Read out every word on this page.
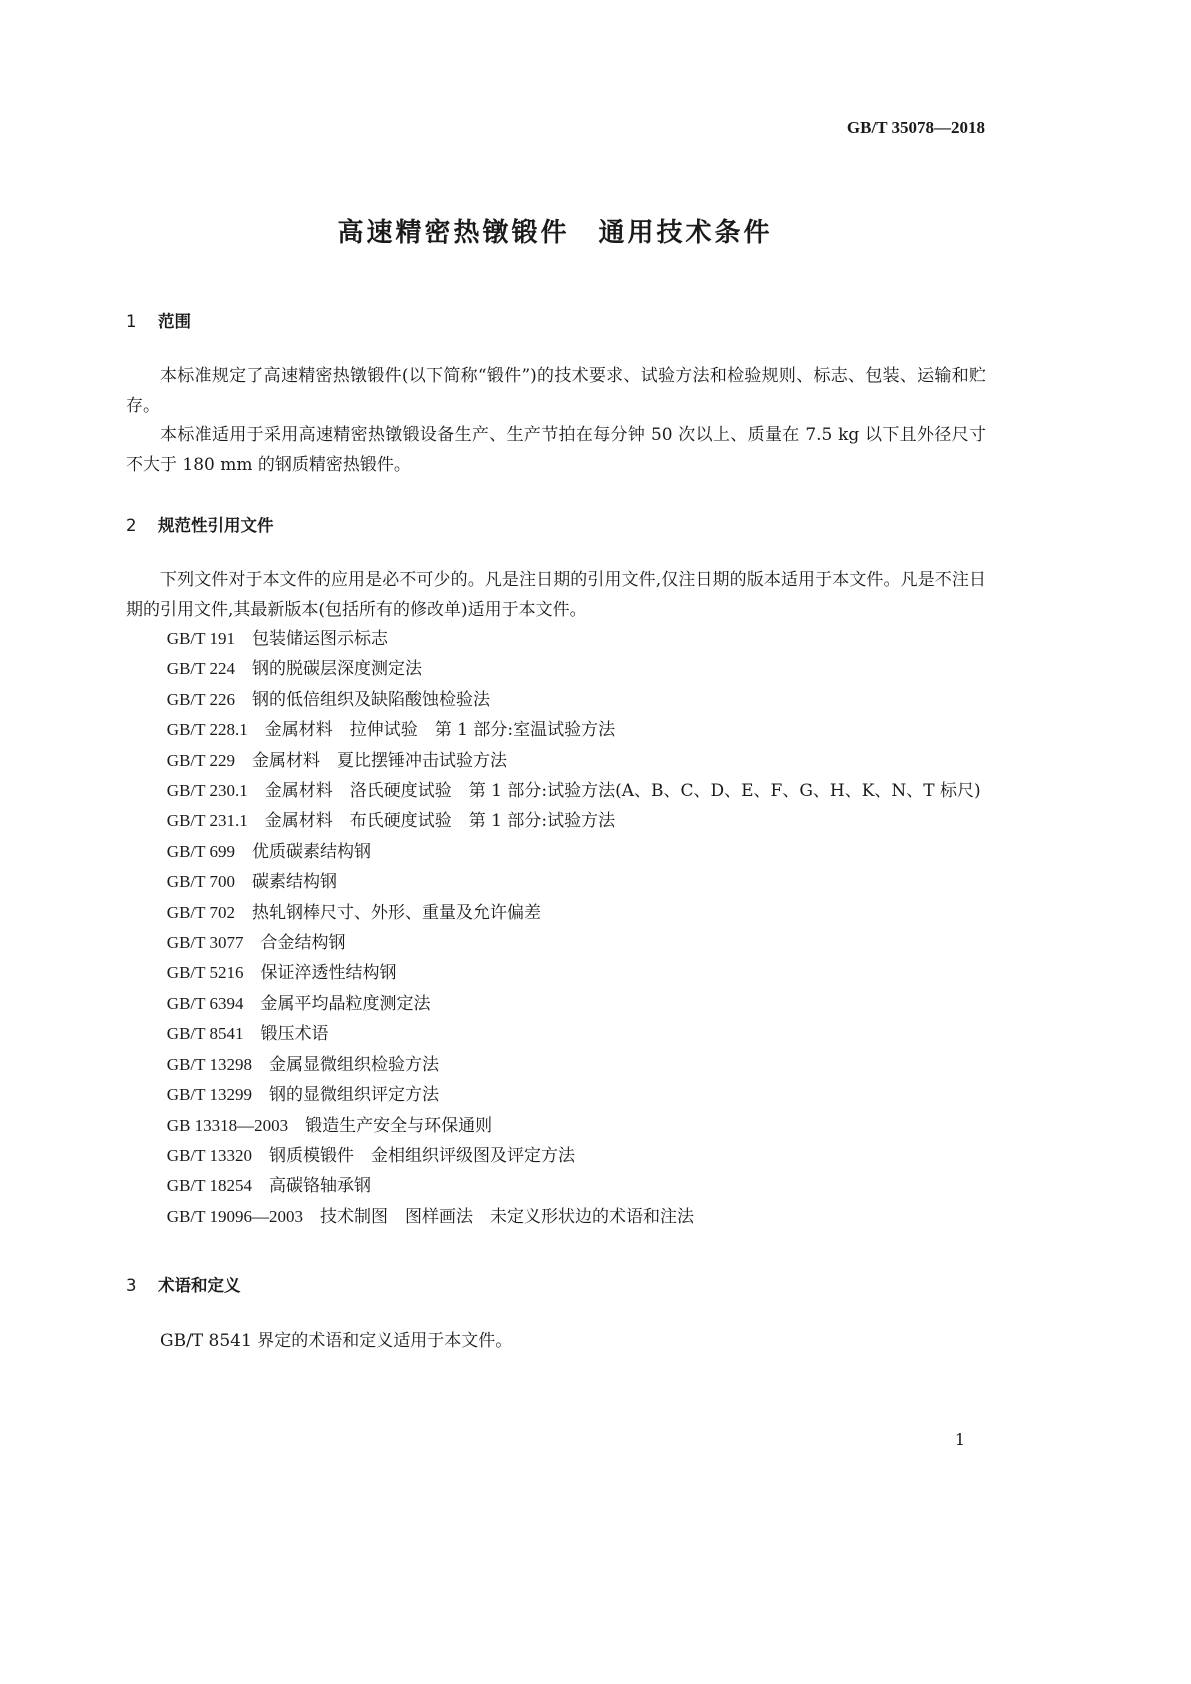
GB/T 35078—2018
高速精密热镦锻件　通用技术条件
1 范围

本标准规定了高速精密热镦锻件(以下简称“锻件”)的技术要求、试验方法和检验规则、标志、包装、运输和贮存。

本标准适用于采用高速精密热镦锻设备生产、生产节拍在每分钟 50 次以上、质量在 7.5 kg 以下且外径尺寸不大于 180 mm 的钢质精密热锻件。

2 规范性引用文件

下列文件对于本文件的应用是必不可少的。凡是注日期的引用文件,仅注日期的版本适用于本文件。凡是不注日期的引用文件,其最新版本(包括所有的修改单)适用于本文件。

GB/T 191 包装储运图示标志
GB/T 224 钢的脱碳层深度测定法
GB/T 226 钢的低倍组织及缺陷酸蚀检验法
GB/T 228.1 金属材料　拉伸试验　第 1 部分:室温试验方法
GB/T 229 金属材料　夏比摆锤冲击试验方法
GB/T 230.1 金属材料　洛氏硬度试验　第 1 部分:试验方法(A、B、C、D、E、F、G、H、K、N、T 标尺)
GB/T 231.1 金属材料　布氏硬度试验　第 1 部分:试验方法
GB/T 699 优质碳素结构钢
GB/T 700 碳素结构钢
GB/T 702 热轧钢棒尺寸、外形、重量及允许偏差
GB/T 3077 合金结构钢
GB/T 5216 保证淬透性结构钢
GB/T 6394 金属平均晶粒度测定法
GB/T 8541 锻压术语
GB/T 13298 金属显微组织检验方法
GB/T 13299 钢的显微组织评定方法
GB 13318—2003 锻造生产安全与环保通则
GB/T 13320 钢质模锻件　金相组织评级图及评定方法
GB/T 18254 高碳铬轴承钢
GB/T 19096—2003 技术制图　图样画法　未定义形状边的术语和注法
3 术语和定义

GB/T 8541 界定的术语和定义适用于本文件。

1
